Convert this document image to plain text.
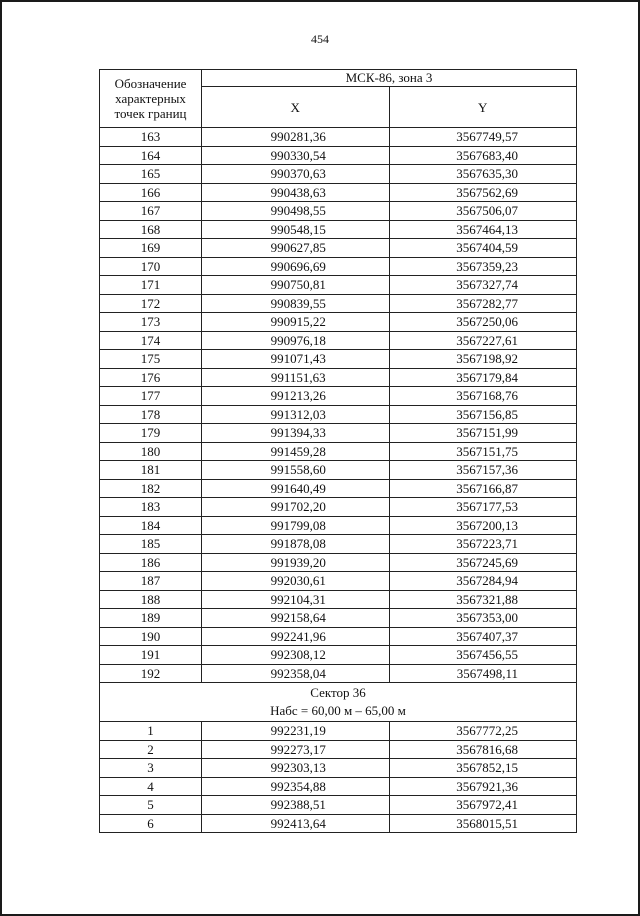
454
Обозначение
характерных
точек границ	МСК-86, зона 3	
	X	Y
163	990281,36	3567749,57
164	990330,54	3567683,40
165	990370,63	3567635,30
166	990438,63	3567562,69
167	990498,55	3567506,07
168	990548,15	3567464,13
169	990627,85	3567404,59
170	990696,69	3567359,23
171	990750,81	3567327,74
172	990839,55	3567282,77
173	990915,22	3567250,06
174	990976,18	3567227,61
175	991071,43	3567198,92
176	991151,63	3567179,84
177	991213,26	3567168,76
178	991312,03	3567156,85
179	991394,33	3567151,99
180	991459,28	3567151,75
181	991558,60	3567157,36
182	991640,49	3567166,87
183	991702,20	3567177,53
184	991799,08	3567200,13
185	991878,08	3567223,71
186	991939,20	3567245,69
187	992030,61	3567284,94
188	992104,31	3567321,88
189	992158,64	3567353,00
190	992241,96	3567407,37
191	992308,12	3567456,55
192	992358,04	3567498,11

Сектор 36
Набс = 60,00 м – 65,00 м		

1	992231,19	3567772,25
2	992273,17	3567816,68
3	992303,13	3567852,15
4	992354,88	3567921,36
5	992388,51	3567972,41
6	992413,64	3568015,51
